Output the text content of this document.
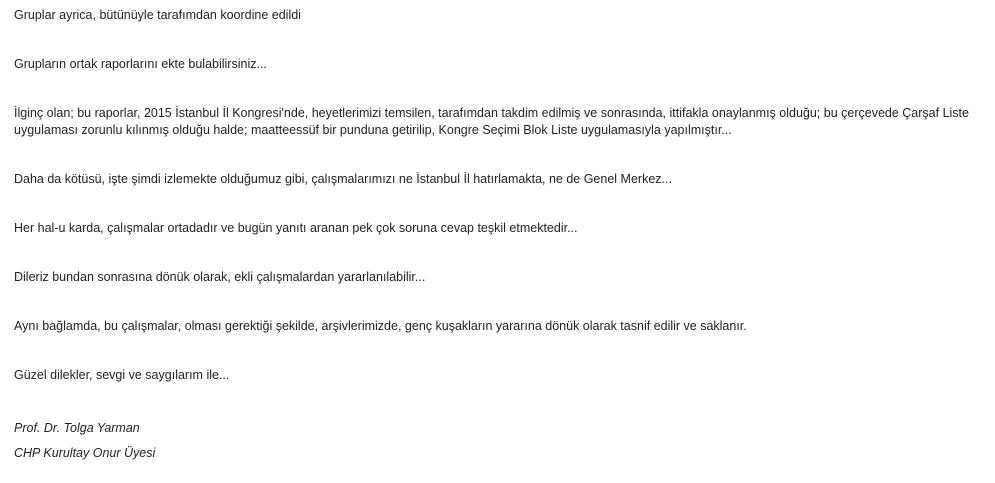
Gruplar ayrica, bütünüyle tarafımdan koordine edildi

Grupların ortak raporlarını ekte bulabilirsiniz...

İlginç olan; bu raporlar, 2015 İstanbul İl Kongresi'nde, heyetlerimizi temsilen, tarafımdan takdim edilmiş ve sonrasında, ittifakla onaylanmış olduğu; bu çerçevede Çarşaf Liste uygulaması zorunlu kılınmış olduğu halde; maatteessüf bir punduna getirilip, Kongre Seçimi Blok Liste uygulamasıyla yapılmıştır...

Daha da kötüsü, işte şimdi izlemekte olduğumuz gibi, çalışmalarımızı ne İstanbul İl hatırlamakta, ne de Genel Merkez...

Her hal-u karda, çalışmalar ortadadır ve bugün yanıtı aranan pek çok soruna cevap teşkil etmektedir...

Dileriz bundan sonrasına dönük olarak, ekli çalışmalardan yararlanılabilir...

Aynı bağlamda, bu çalışmalar, olması gerektiği şekilde, arşivlerimizde, genç kuşakların yararına dönük olarak tasnif edilir ve saklanır.

Güzel dilekler, sevgi ve saygılarım ile...

Prof. Dr. Tolga Yarman

CHP Kurultay Onur Üyesi
